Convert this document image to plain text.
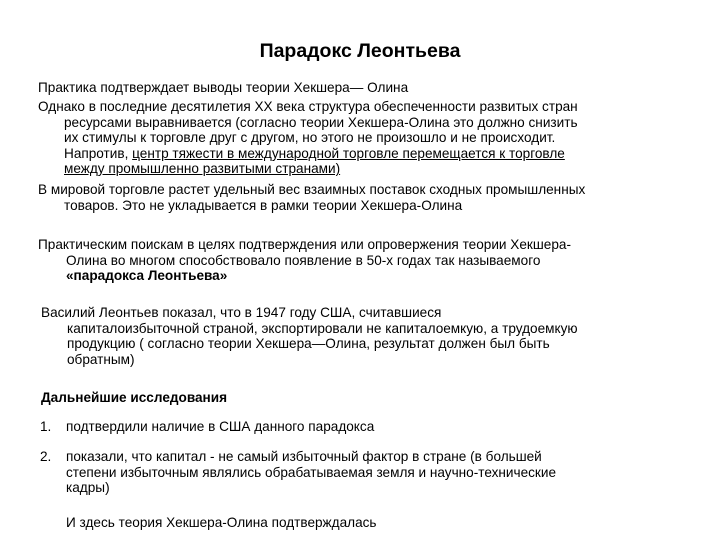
Парадокс Леонтьева
Практика подтверждает выводы теории Хекшера— Олина
Однако в последние десятилетия XX века структура обеспеченности развитых стран
ресурсами выравнивается (согласно теории Хекшера-Олина это должно снизить
их стимулы к торговле друг с другом, но этого не произошло и не происходит.
Напротив, центр тяжести в международной торговле перемещается к торговле
между промышленно развитыми странами)
В мировой торговле растет удельный вес взаимных поставок сходных промышленных
товаров. Это не укладывается в рамки теории Хекшера-Олина
Практическим поискам в целях подтверждения или опровержения теории Хекшера-
Олина во многом способствовало появление в 50-х годах так называемого
«парадокса Леонтьева»
Василий Леонтьев показал, что в 1947 году США, считавшиеся
капиталоизбыточной страной, экспортировали не капиталоемкую, а трудоемкую
продукцию ( согласно теории Хекшера—Олина, результат должен был быть
обратным)
Дальнейшие исследования
1. подтвердили наличие в США данного парадокса
2. показали, что капитал - не самый избыточный фактор в стране (в большей
степени избыточным являлись обрабатываемая земля и научно-технические
кадры)
И здесь теория Хекшера-Олина подтверждалась
